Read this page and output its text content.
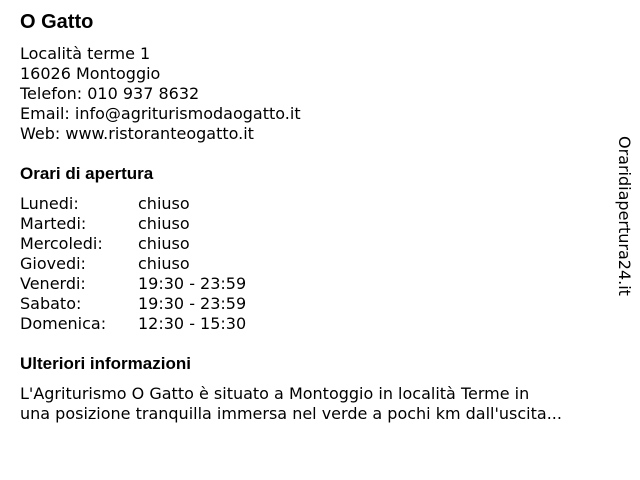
O Gatto
Località terme 1
16026 Montoggio
Telefon: 010 937 8632
Email: info@agriturismodaogatto.it
Web: www.ristoranteogatto.it
Orari di apertura
Lunedi:	chiuso
Martedi:	chiuso
Mercoledi: chiuso
Giovedi:	chiuso
Venerdi:	19:30 - 23:59
Sabato:	19:30 - 23:59
Domenica: 12:30 - 15:30
Ulteriori informazioni
L'Agriturismo O Gatto è situato a Montoggio in località Terme in
una posizione tranquilla immersa nel verde a pochi km dall'uscita...
Oraridiapertura24.it
